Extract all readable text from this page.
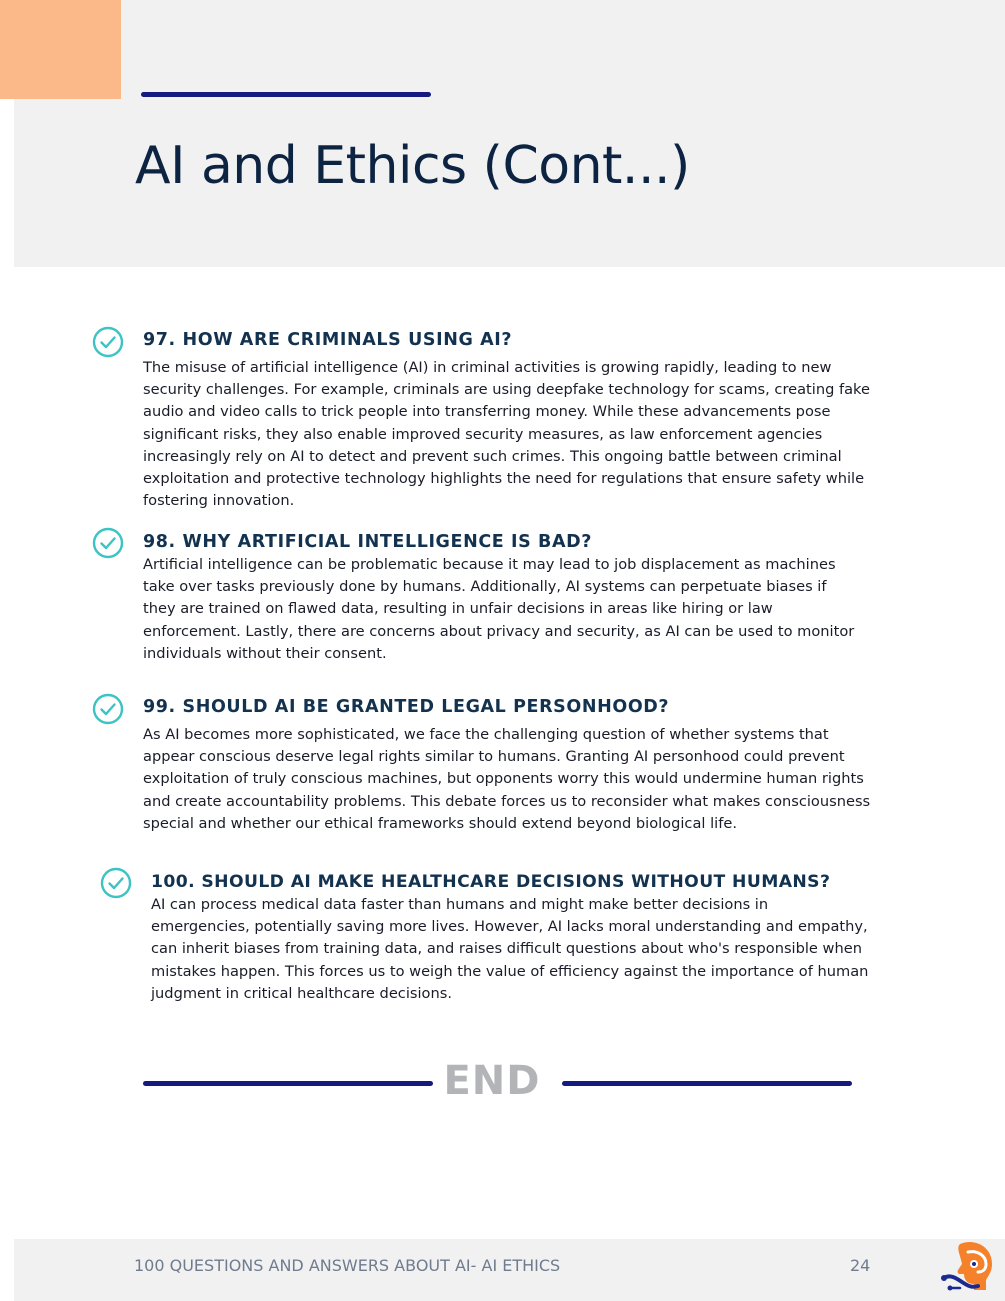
AI and Ethics (Cont...)
97. HOW ARE CRIMINALS USING AI?
The misuse of artificial intelligence (AI) in criminal activities is growing rapidly, leading to new
security challenges. For example, criminals are using deepfake technology for scams, creating fake
audio and video calls to trick people into transferring money. While these advancements pose
significant risks, they also enable improved security measures, as law enforcement agencies
increasingly rely on AI to detect and prevent such crimes. This ongoing battle between criminal
exploitation and protective technology highlights the need for regulations that ensure safety while
fostering innovation.
98. WHY ARTIFICIAL INTELLIGENCE IS BAD?
Artificial intelligence can be problematic because it may lead to job displacement as machines
take over tasks previously done by humans. Additionally, AI systems can perpetuate biases if
they are trained on flawed data, resulting in unfair decisions in areas like hiring or law
enforcement. Lastly, there are concerns about privacy and security, as AI can be used to monitor
individuals without their consent.
99. SHOULD AI BE GRANTED LEGAL PERSONHOOD?
As AI becomes more sophisticated, we face the challenging question of whether systems that
appear conscious deserve legal rights similar to humans. Granting AI personhood could prevent
exploitation of truly conscious machines, but opponents worry this would undermine human rights
and create accountability problems. This debate forces us to reconsider what makes consciousness
special and whether our ethical frameworks should extend beyond biological life.
100. SHOULD AI MAKE HEALTHCARE DECISIONS WITHOUT HUMANS?
AI can process medical data faster than humans and might make better decisions in
emergencies, potentially saving more lives. However, AI lacks moral understanding and empathy,
can inherit biases from training data, and raises difficult questions about who's responsible when
mistakes happen. This forces us to weigh the value of efficiency against the importance of human
judgment in critical healthcare decisions.
END
100 QUESTIONS AND ANSWERS ABOUT AI- AI ETHICS	24
